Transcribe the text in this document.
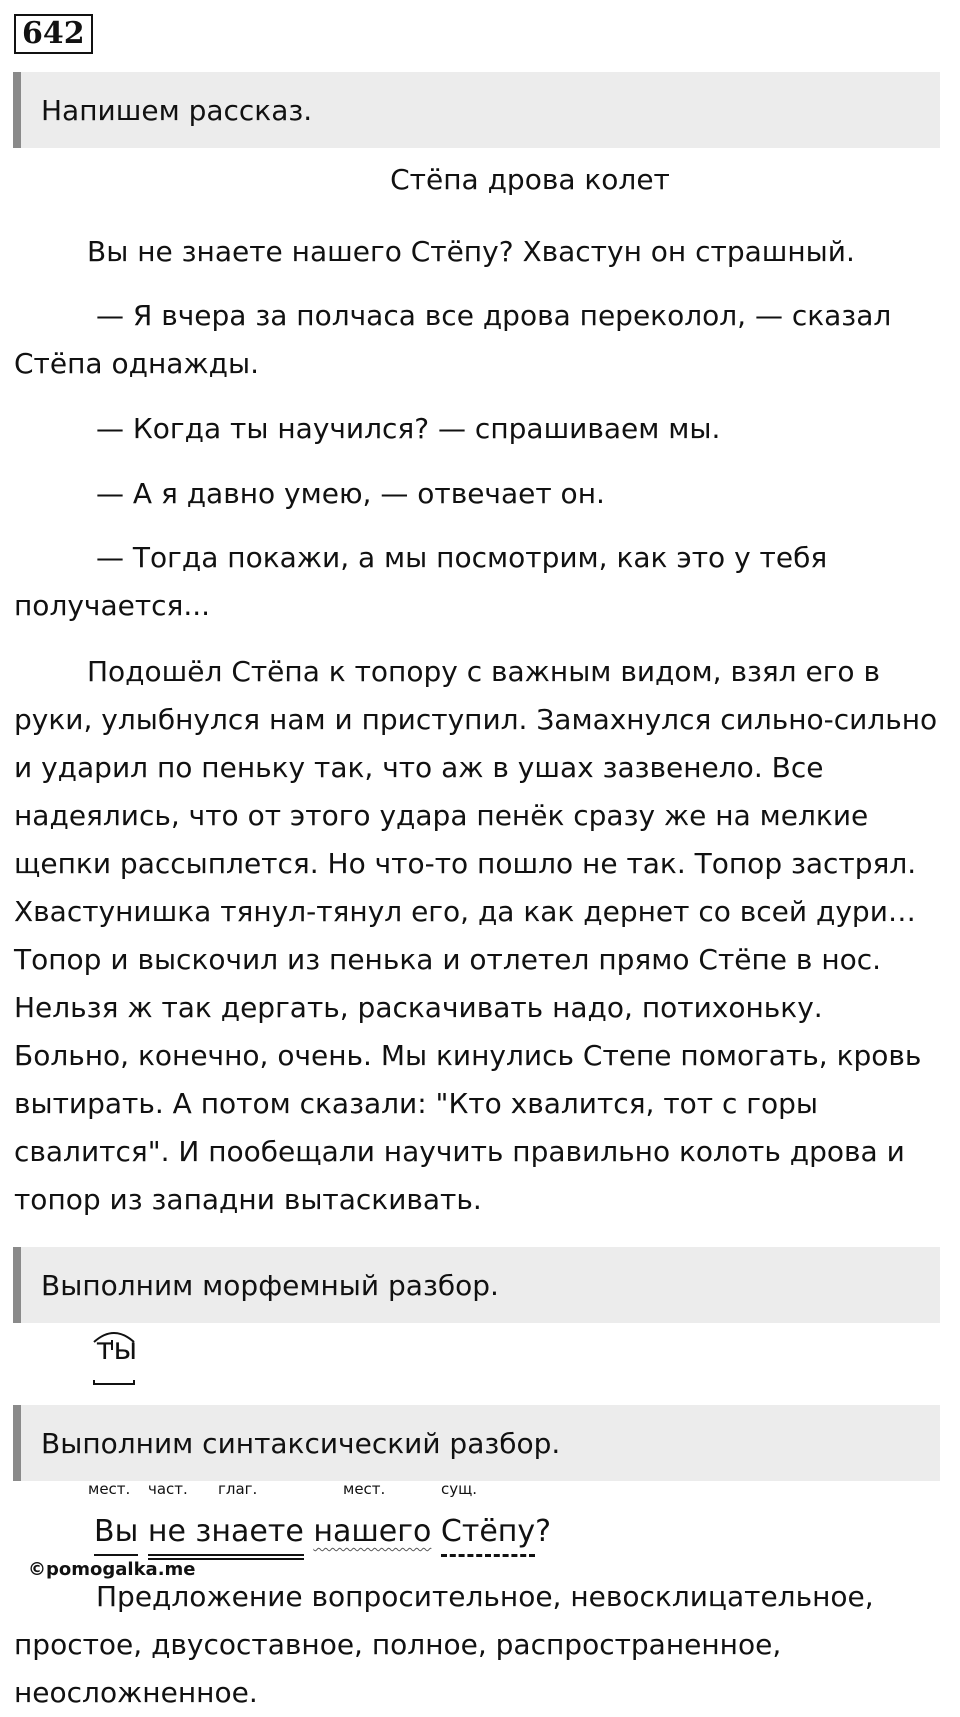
642
Напишем рассказ.
Стёпа дрова колет
Вы не знаете нашего Стёпу? Хвастун он страшный.
— Я вчера за полчаса все дрова переколол, — сказал Стёпа однажды.
— Когда ты научился? — спрашиваем мы.
— А я давно умею, — отвечает он.
— Тогда покажи, а мы посмотрим, как это у тебя получается...
Подошёл Стёпа к топору с важным видом, взял его в руки, улыбнулся нам и приступил. Замахнулся сильно-сильно и ударил по пеньку так, что аж в ушах зазвенело. Все надеялись, что от этого удара пенёк сразу же на мелкие щепки рассыплется. Но что-то пошло не так. Топор застрял. Хвастунишка тянул-тянул его, да как дернет со всей дури… Топор и выскочил из пенька и отлетел прямо Стёпе в нос. Нельзя ж так дергать, раскачивать надо, потихоньку. Больно, конечно, очень. Мы кинулись Степе помогать, кровь вытирать. А потом сказали: "Кто хвалится, тот с горы свалится". И пообещали научить правильно колоть дрова и топор из западни вытаскивать.
Выполним морфемный разбор.
ты
Выполним синтаксический разбор.
мест. част. глаг.	мест.	сущ.
Вы не знаете нашего Стёпу?
©pomogalka.me
Предложение вопросительное, невосклицательное, простое, двусоставное, полное, распространенное, неосложненное.
